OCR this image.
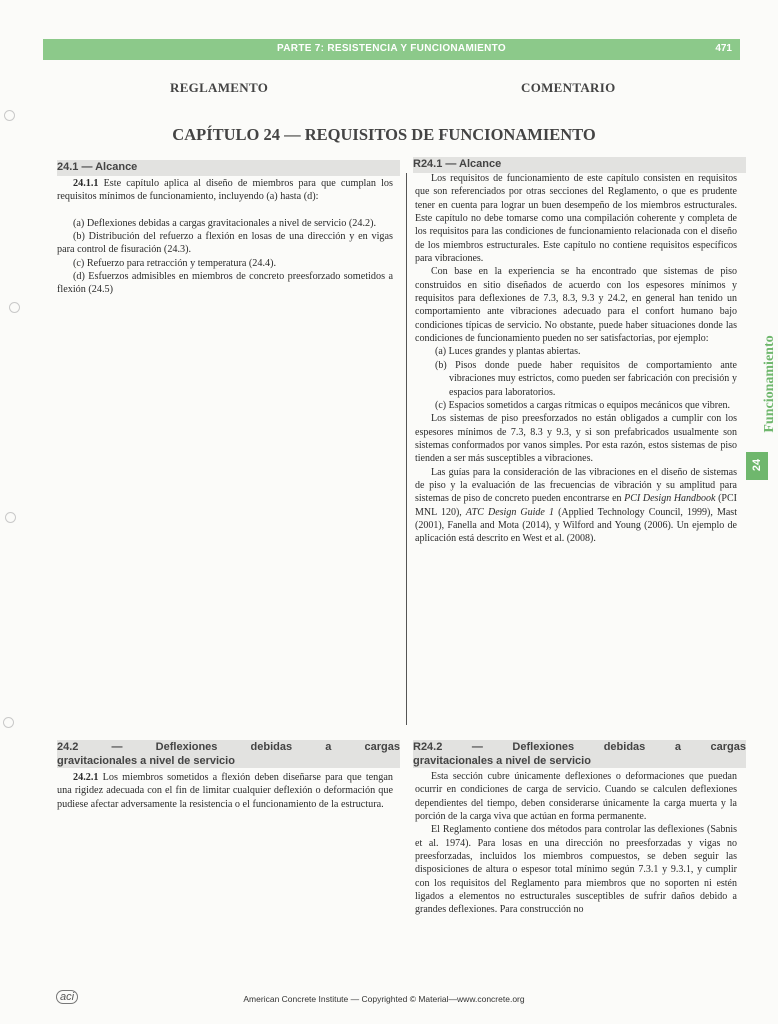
PARTE 7: RESISTENCIA Y FUNCIONAMIENTO	471
REGLAMENTO	COMENTARIO
CAPÍTULO 24 — REQUISITOS DE FUNCIONAMIENTO
24.1 — Alcance

24.1.1 Este capítulo aplica al diseño de miembros para que cumplan los requisitos mínimos de funcionamiento, incluyendo (a) hasta (d):

(a) Deflexiones debidas a cargas gravitacionales a nivel de servicio (24.2).

(b) Distribución del refuerzo a flexión en losas de una dirección y en vigas para control de fisuración (24.3).

(c) Refuerzo para retracción y temperatura (24.4).

(d) Esfuerzos admisibles en miembros de concreto preesforzado sometidos a flexión (24.5)

R24.1 — Alcance

Los requisitos de funcionamiento de este capítulo consisten en requisitos que son referenciados por otras secciones del Reglamento, o que es prudente tener en cuenta para lograr un buen desempeño de los miembros estructurales. Este capítulo no debe tomarse como una compilación coherente y completa de los requisitos para las condiciones de funcionamiento relacionada con el diseño de los miembros estructurales. Este capítulo no contiene requisitos específicos para vibraciones.

Con base en la experiencia se ha encontrado que sistemas de piso construidos en sitio diseñados de acuerdo con los espesores mínimos y requisitos para deflexiones de 7.3, 8.3, 9.3 y 24.2, en general han tenido un comportamiento ante vibraciones adecuado para el confort humano bajo condiciones típicas de servicio. No obstante, puede haber situaciones donde las condiciones de funcionamiento pueden no ser satisfactorias, por ejemplo:

(a) Luces grandes y plantas abiertas.

(b) Pisos donde puede haber requisitos de comportamiento ante vibraciones muy estrictos, como pueden ser fabricación con precisión y espacios para laboratorios.

(c) Espacios sometidos a cargas rítmicas o equipos mecánicos que vibren.

Los sistemas de piso preesforzados no están obligados a cumplir con los espesores mínimos de 7.3, 8.3 y 9.3, y si son prefabricados usualmente son sistemas conformados por vanos simples. Por esta razón, estos sistemas de piso tienden a ser más susceptibles a vibraciones.

Las guías para la consideración de las vibraciones en el diseño de sistemas de piso y la evaluación de las frecuencias de vibración y su amplitud para sistemas de piso de concreto pueden encontrarse en PCI Design Handbook (PCI MNL 120), ATC Design Guide 1 (Applied Technology Council, 1999), Mast (2001), Fanella and Mota (2014), y Wilford and Young (2006). Un ejemplo de aplicación está descrito en West et al. (2008).

24.2	—	Deflexiones	debidas	a	cargas
gravitacionales a nivel de servicio

24.2.1 Los miembros sometidos a flexión deben diseñarse para que tengan una rigidez adecuada con el fin de limitar cualquier deflexión o deformación que pudiese afectar adversamente la resistencia o el funcionamiento de la estructura.

R24.2	—	Deflexiones	debidas	a	cargas
gravitacionales a nivel de servicio

Esta sección cubre únicamente deflexiones o deformaciones que puedan ocurrir en condiciones de carga de servicio. Cuando se calculen deflexiones dependientes del tiempo, deben considerarse únicamente la carga muerta y la porción de la carga viva que actúan en forma permanente.

El Reglamento contiene dos métodos para controlar las deflexiones (Sabnis et al. 1974). Para losas en una dirección no preesforzadas y vigas no preesforzadas, incluidos los miembros compuestos, se deben seguir las disposiciones de altura o espesor total mínimo según 7.3.1 y 9.3.1, y cumplir con los requisitos del Reglamento para miembros que no soporten ni estén ligados a elementos no estructurales susceptibles de sufrir daños debido a grandes deflexiones. Para construcción no

Funcionamiento
24
aci	American Concrete Institute — Copyrighted © Material—www.concrete.org
